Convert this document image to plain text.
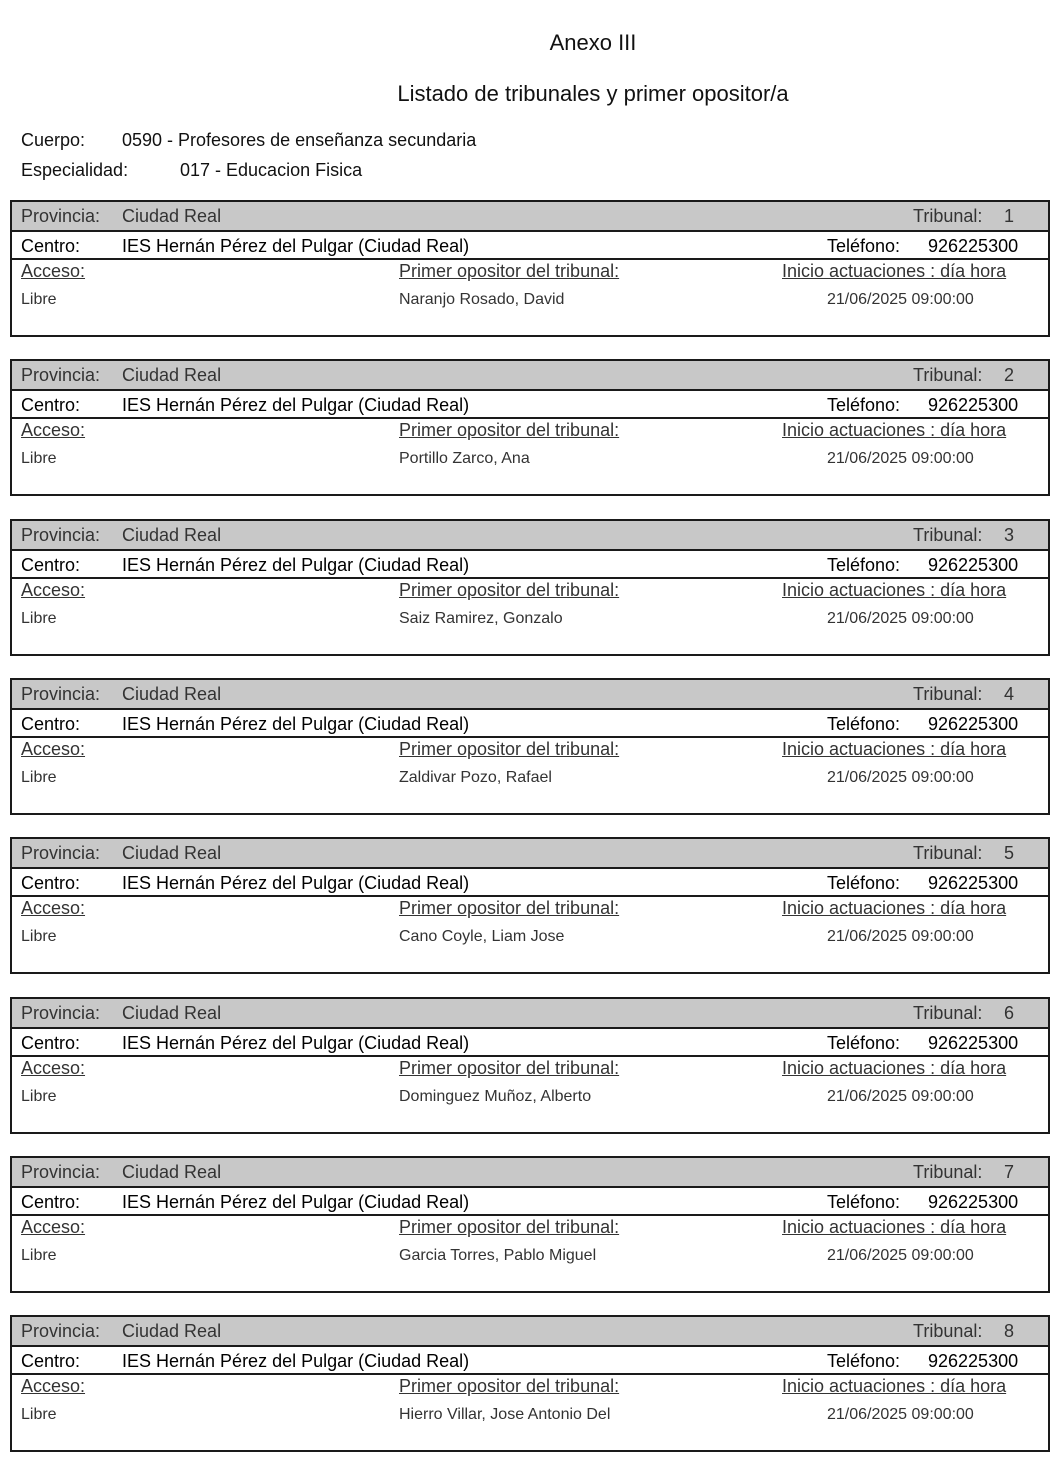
Anexo III
Listado de tribunales y primer opositor/a
Cuerpo: 0590 - Profesores de enseñanza secundaria
Especialidad:	017 - Educacion Fisica
Provincia: Ciudad Real	Tribunal: 1
Centro: IES Hernán Pérez del Pulgar (Ciudad Real)	Teléfono: 926225300
Acceso:	Primer opositor del tribunal:	Inicio actuaciones : día hora
Libre	Naranjo Rosado, David	21/06/2025 09:00:00
Provincia: Ciudad Real	Tribunal: 2
Centro: IES Hernán Pérez del Pulgar (Ciudad Real)	Teléfono: 926225300
Acceso:	Primer opositor del tribunal:	Inicio actuaciones : día hora
Libre	Portillo Zarco, Ana	21/06/2025 09:00:00
Provincia: Ciudad Real	Tribunal: 3
Centro: IES Hernán Pérez del Pulgar (Ciudad Real)	Teléfono: 926225300
Acceso:	Primer opositor del tribunal:	Inicio actuaciones : día hora
Libre	Saiz Ramirez, Gonzalo	21/06/2025 09:00:00
Provincia: Ciudad Real	Tribunal: 4
Centro: IES Hernán Pérez del Pulgar (Ciudad Real)	Teléfono: 926225300
Acceso:	Primer opositor del tribunal:	Inicio actuaciones : día hora
Libre	Zaldivar Pozo, Rafael	21/06/2025 09:00:00
Provincia: Ciudad Real	Tribunal: 5
Centro: IES Hernán Pérez del Pulgar (Ciudad Real)	Teléfono: 926225300
Acceso:	Primer opositor del tribunal:	Inicio actuaciones : día hora
Libre	Cano Coyle, Liam Jose	21/06/2025 09:00:00
Provincia: Ciudad Real	Tribunal: 6
Centro: IES Hernán Pérez del Pulgar (Ciudad Real)	Teléfono: 926225300
Acceso:	Primer opositor del tribunal:	Inicio actuaciones : día hora
Libre	Dominguez Muñoz, Alberto	21/06/2025 09:00:00
Provincia: Ciudad Real	Tribunal: 7
Centro: IES Hernán Pérez del Pulgar (Ciudad Real)	Teléfono: 926225300
Acceso:	Primer opositor del tribunal:	Inicio actuaciones : día hora
Libre	Garcia Torres, Pablo Miguel	21/06/2025 09:00:00
Provincia: Ciudad Real	Tribunal: 8
Centro: IES Hernán Pérez del Pulgar (Ciudad Real)	Teléfono: 926225300
Acceso:	Primer opositor del tribunal:	Inicio actuaciones : día hora
Libre	Hierro Villar, Jose Antonio Del	21/06/2025 09:00:00
